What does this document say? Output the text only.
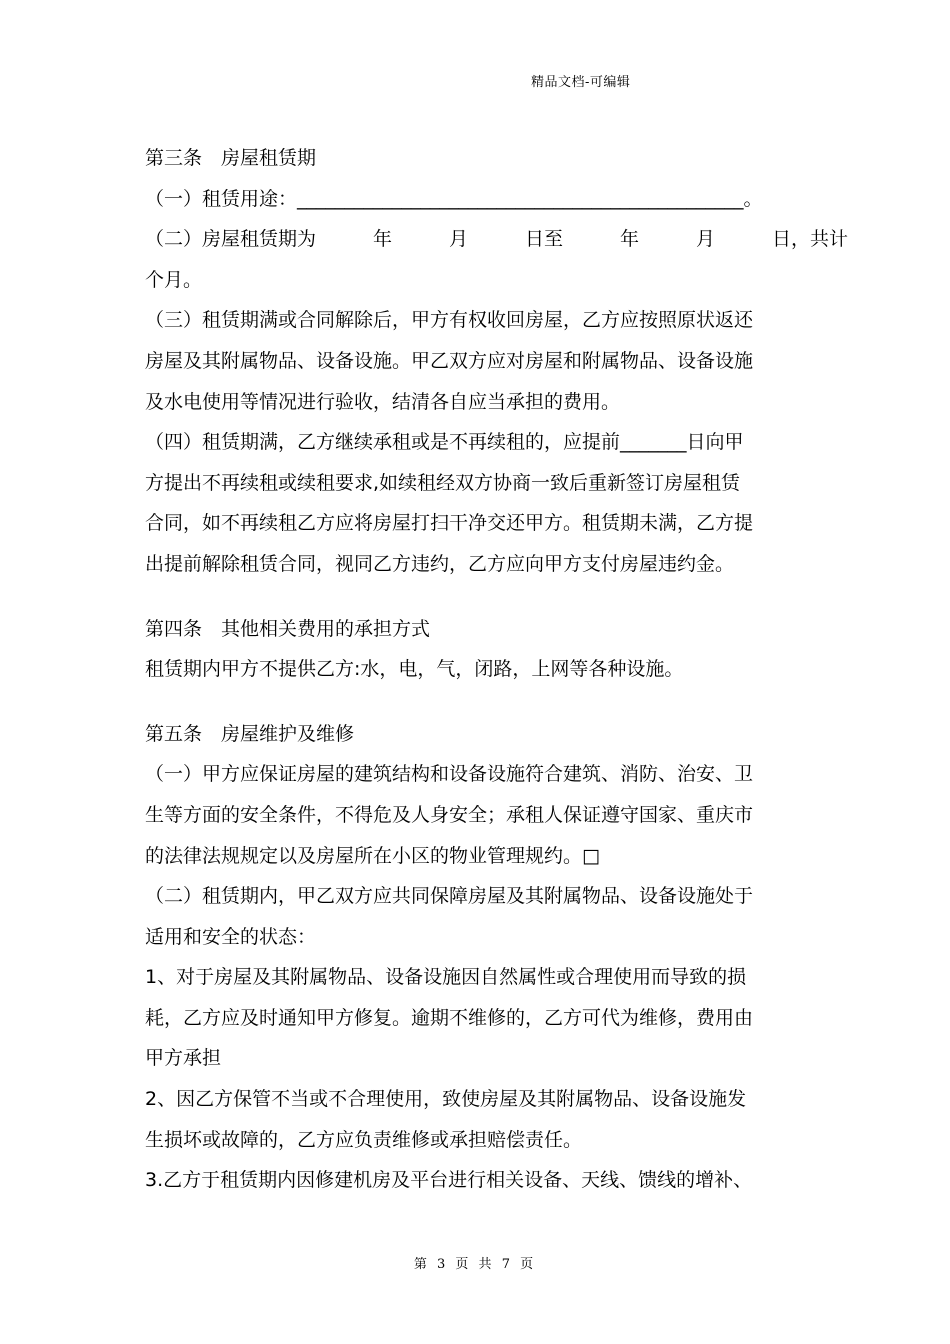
精品文档-可编辑
第三条　房屋租赁期
（一）租赁用途：_______________________________________________。
（二）房屋租赁期为　　　年　　　月　　　日至　　　年　　　月　　　日，共计
个月。
（三）租赁期满或合同解除后，甲方有权收回房屋，乙方应按照原状返还
房屋及其附属物品、设备设施。甲乙双方应对房屋和附属物品、设备设施
及水电使用等情况进行验收，结清各自应当承担的费用。
（四）租赁期满，乙方继续承租或是不再续租的，应提前_______日向甲
方提出不再续租或续租要求,如续租经双方协商一致后重新签订房屋租赁
合同，如不再续租乙方应将房屋打扫干净交还甲方。租赁期未满，乙方提
出提前解除租赁合同，视同乙方违约，乙方应向甲方支付房屋违约金。
第四条　其他相关费用的承担方式
租赁期内甲方不提供乙方:水，电，气，闭路，上网等各种设施。
第五条　房屋维护及维修
（一）甲方应保证房屋的建筑结构和设备设施符合建筑、消防、治安、卫
生等方面的安全条件，不得危及人身安全；承租人保证遵守国家、重庆市
的法律法规规定以及房屋所在小区的物业管理规约。□
（二）租赁期内，甲乙双方应共同保障房屋及其附属物品、设备设施处于
适用和安全的状态：
1、对于房屋及其附属物品、设备设施因自然属性或合理使用而导致的损
耗，乙方应及时通知甲方修复。逾期不维修的，乙方可代为维修，费用由
甲方承担
2、因乙方保管不当或不合理使用，致使房屋及其附属物品、设备设施发
生损坏或故障的，乙方应负责维修或承担赔偿责任。
3.乙方于租赁期内因修建机房及平台进行相关设备、天线、馈线的增补、
第 3 页 共 7 页
